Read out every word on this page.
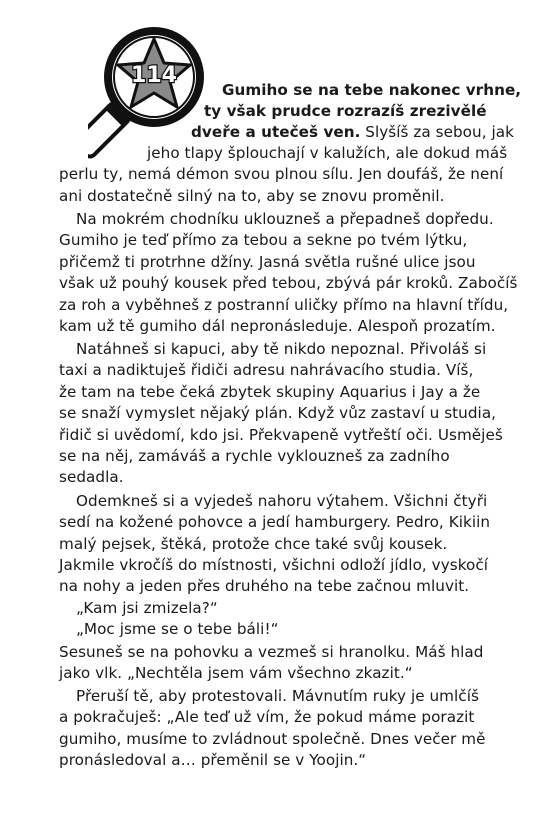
114
Gumiho se na tebe nakonec vrhne,
ty však prudce rozrazíš zrezivělé
dveře a utečeš ven. Slyšíš za sebou, jak
jeho tlapy šplouchají v kalužích, ale dokud máš
perlu ty, nemá démon svou plnou sílu. Jen doufáš, že není
ani dostatečně silný na to, aby se znovu proměnil.
Na mokrém chodníku uklouzneš a přepadneš dopředu.
Gumiho je teď přímo za tebou a sekne po tvém lýtku,
přičemž ti protrhne džíny. Jasná světla rušné ulice jsou
však už pouhý kousek před tebou, zbývá pár kroků. Zabočíš
za roh a vyběhneš z postranní uličky přímo na hlavní třídu,
kam už tě gumiho dál nepronásleduje. Alespoň prozatím.
Natáhneš si kapuci, aby tě nikdo nepoznal. Přivoláš si
taxi a nadiktuješ řidiči adresu nahrávacího studia. Víš,
že tam na tebe čeká zbytek skupiny Aquarius i Jay a že
se snaží vymyslet nějaký plán. Když vůz zastaví u studia,
řidič si uvědomí, kdo jsi. Překvapeně vytřeští oči. Usměješ
se na něj, zamáváš a rychle vyklouzneš za zadního
sedadla.
Odemkneš si a vyjedeš nahoru výtahem. Všichni čtyři
sedí na kožené pohovce a jedí hamburgery. Pedro, Kikiin
malý pejsek, štěká, protože chce také svůj kousek.
Jakmile vkročíš do místnosti, všichni odloží jídlo, vyskočí
na nohy a jeden přes druhého na tebe začnou mluvit.
„Kam jsi zmizela?“
„Moc jsme se o tebe báli!“
Sesuneš se na pohovku a vezmeš si hranolku. Máš hlad
jako vlk. „Nechtěla jsem vám všechno zkazit.“
Přeruší tě, aby protestovali. Mávnutím ruky je umlčíš
a pokračuješ: „Ale teď už vím, že pokud máme porazit
gumiho, musíme to zvládnout společně. Dnes večer mě
pronásledoval a… přeměnil se v Yoojin.“
